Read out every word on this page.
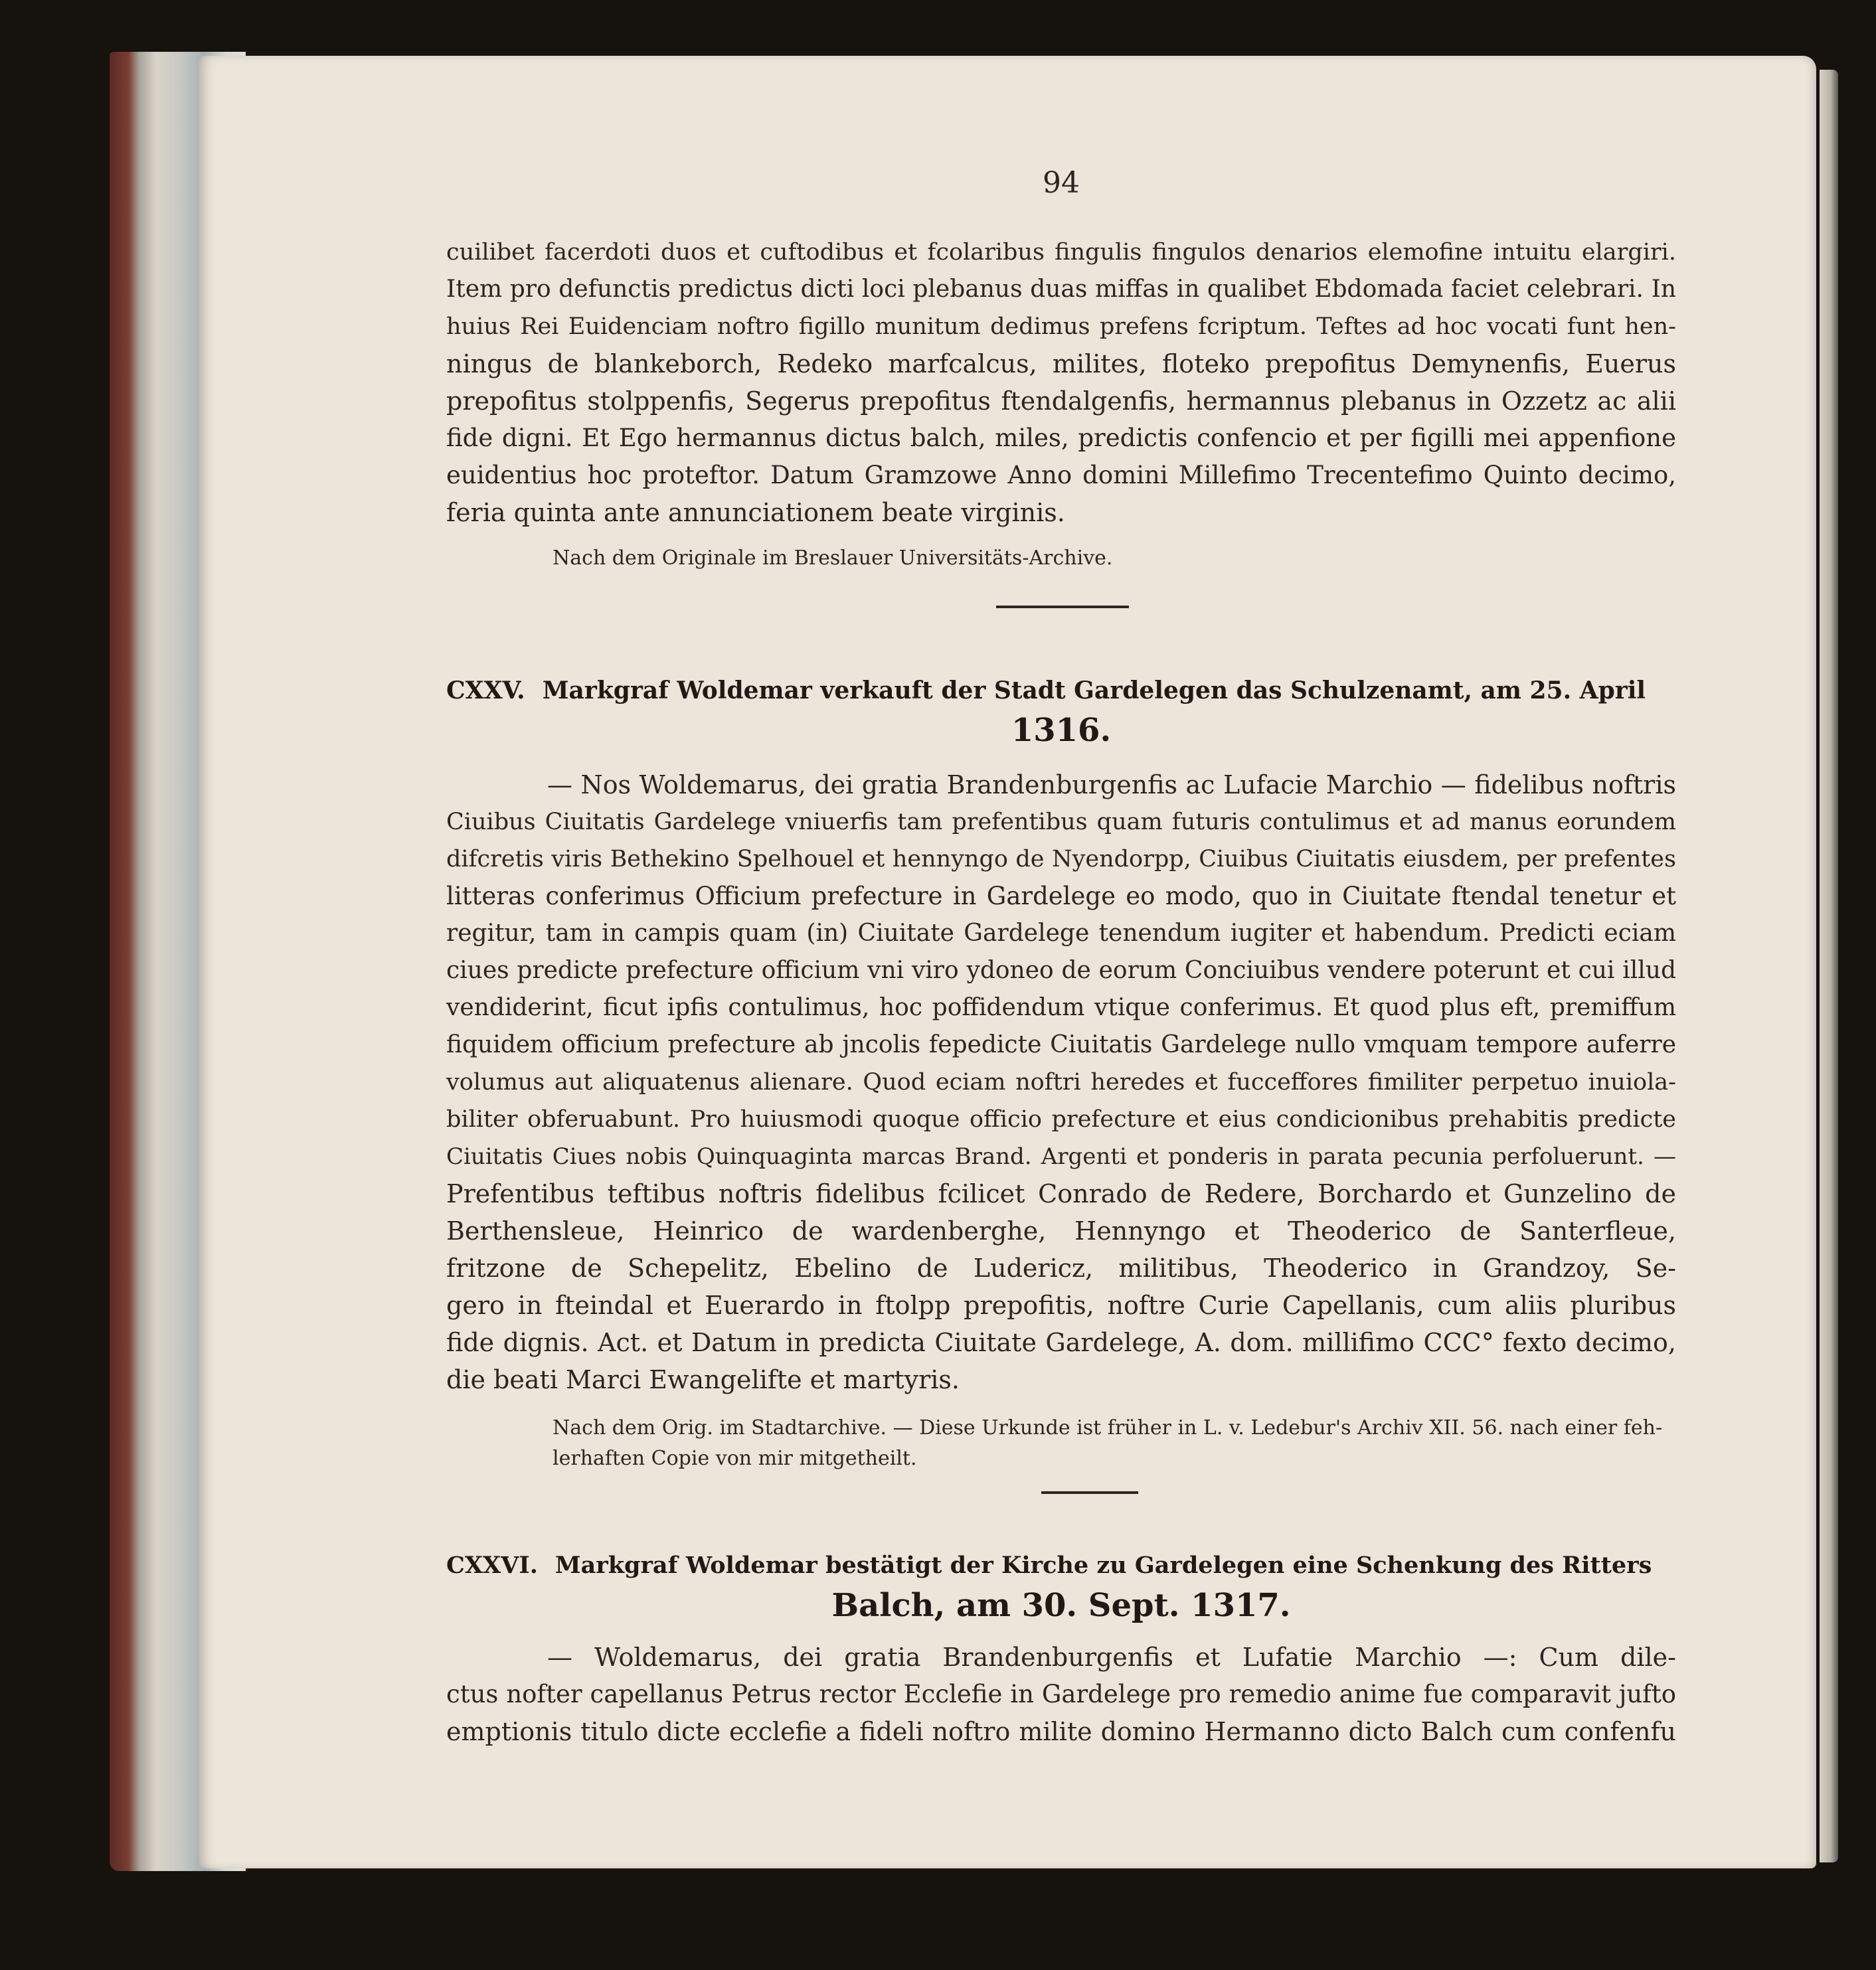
94

cuilibet facerdoti duos et cuftodibus et fcolaribus fingulis fingulos denarios elemofine intuitu elargiri.
Item pro defunctis predictus dicti loci plebanus duas miffas in qualibet Ebdomada faciet celebrari. In
huius Rei Euidenciam noftro figillo munitum dedimus prefens fcriptum. Teftes ad hoc vocati funt hen-
ningus de blankeborch, Redeko marfcalcus, milites, floteko prepofitus Demynenfis, Euerus
prepofitus stolppenfis, Segerus prepofitus ftendalgenfis, hermannus plebanus in Ozzetz ac alii
fide digni. Et Ego hermannus dictus balch, miles, predictis confencio et per figilli mei appenfione
euidentius hoc proteftor. Datum Gramzowe Anno domini Millefimo Trecentefimo Quinto decimo,
feria quinta ante annunciationem beate virginis.

Nach dem Originale im Breslauer Universitäts-Archive.

CXXV. Markgraf Woldemar verkauft der Stadt Gardelegen das Schulzenamt, am 25. April
1316.

— Nos Woldemarus, dei gratia Brandenburgenfis ac Lufacie Marchio — fidelibus noftris
Ciuibus Ciuitatis Gardelege vniuerfis tam prefentibus quam futuris contulimus et ad manus eorundem
difcretis viris Bethekino Spelhouel et hennyngo de Nyendorpp, Ciuibus Ciuitatis eiusdem, per prefentes
litteras conferimus Officium prefecture in Gardelege eo modo, quo in Ciuitate ftendal tenetur et
regitur, tam in campis quam (in) Ciuitate Gardelege tenendum iugiter et habendum. Predicti eciam
ciues predicte prefecture officium vni viro ydoneo de eorum Conciuibus vendere poterunt et cui illud
vendiderint, ficut ipfis contulimus, hoc poffidendum vtique conferimus. Et quod plus eft, premiffum
fiquidem officium prefecture ab jncolis fepedicte Ciuitatis Gardelege nullo vmquam tempore auferre
volumus aut aliquatenus alienare. Quod eciam noftri heredes et fucceffores fimiliter perpetuo inuiola-
biliter obferuabunt. Pro huiusmodi quoque officio prefecture et eius condicionibus prehabitis predicte
Ciuitatis Ciues nobis Quinquaginta marcas Brand. Argenti et ponderis in parata pecunia perfoluerunt. —
Prefentibus teftibus noftris fidelibus fcilicet Conrado de Redere, Borchardo et Gunzelino de
Berthensleue, Heinrico de wardenberghe, Hennyngo et Theoderico de Santerfleue,
fritzone de Schepelitz, Ebelino de Ludericz, militibus, Theoderico in Grandzoy, Se-
gero in fteindal et Euerardo in ftolpp prepofitis, noftre Curie Capellanis, cum aliis pluribus
fide dignis. Act. et Datum in predicta Ciuitate Gardelege, A. dom. millifimo CCC° fexto decimo,
die beati Marci Ewangelifte et martyris.

Nach dem Orig. im Stadtarchive. — Diese Urkunde ist früher in L. v. Ledebur's Archiv XII. 56. nach einer feh-
lerhaften Copie von mir mitgetheilt.

CXXVI. Markgraf Woldemar bestätigt der Kirche zu Gardelegen eine Schenkung des Ritters
Balch, am 30. Sept. 1317.

— Woldemarus, dei gratia Brandenburgenfis et Lufatie Marchio —: Cum dile-
ctus nofter capellanus Petrus rector Ecclefie in Gardelege pro remedio anime fue comparavit jufto
emptionis titulo dicte ecclefie a fideli noftro milite domino Hermanno dicto Balch cum confenfu
